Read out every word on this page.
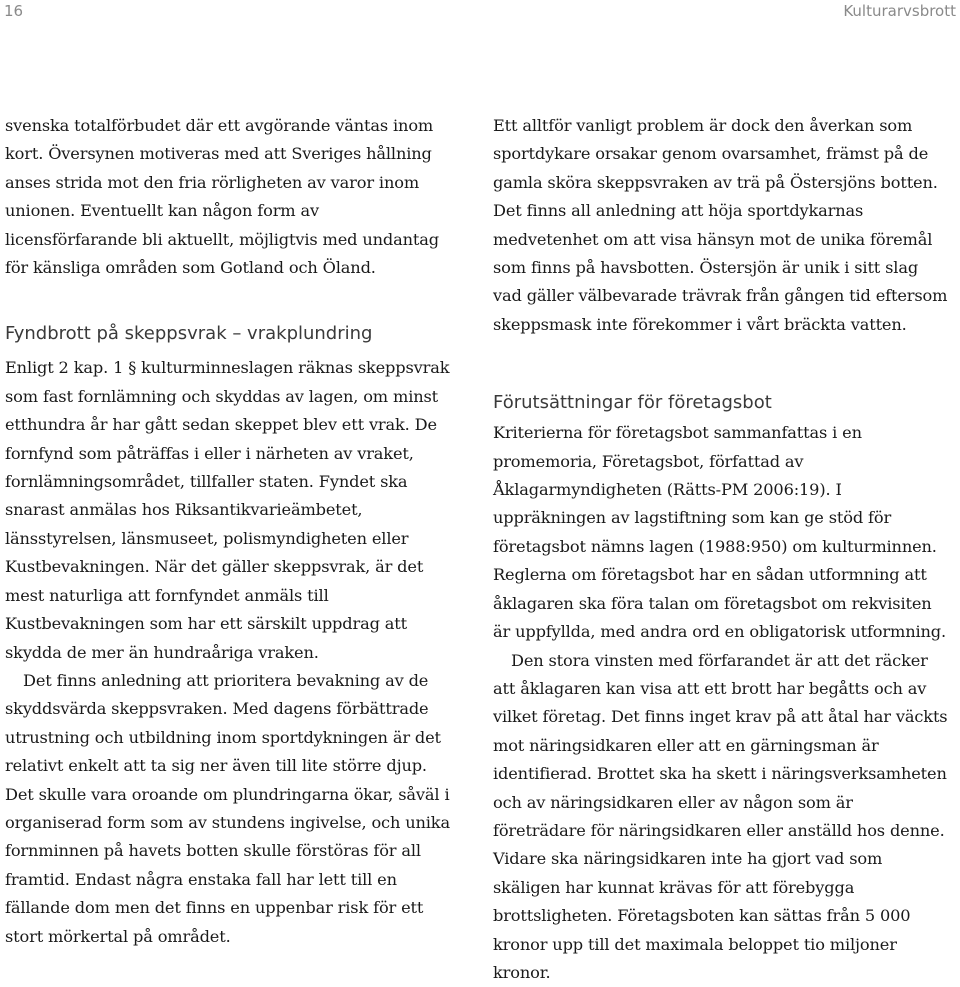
16	Kulturarvsbrott

svenska totalförbudet där ett avgörande väntas inom kort. Översynen motiveras med att Sveriges hållning anses strida mot den fria rörligheten av varor inom unionen. Eventuellt kan någon form av licensförfarande bli aktuellt, möjligtvis med undantag för känsliga områden som Gotland och Öland.

Fyndbrott på skeppsvrak – vrakplundring

Enligt 2 kap. 1 § kulturminneslagen räknas skeppsvrak som fast fornlämning och skyddas av lagen, om minst etthundra år har gått sedan skeppet blev ett vrak. De fornfynd som påträffas i eller i närheten av vraket, fornlämningsområdet, tillfaller staten. Fyndet ska snarast anmälas hos Riksantikvarieämbetet, länsstyrelsen, länsmuseet, polismyndigheten eller Kustbevakningen. När det gäller skeppsvrak, är det mest naturliga att fornfyndet anmäls till Kustbevakningen som har ett särskilt uppdrag att skydda de mer än hundraåriga vraken.

Det finns anledning att prioritera bevakning av de skyddsvärda skeppsvraken. Med dagens förbättrade utrustning och utbildning inom sportdykningen är det relativt enkelt att ta sig ner även till lite större djup. Det skulle vara oroande om plundringarna ökar, såväl i organiserad form som av stundens ingivelse, och unika fornminnen på havets botten skulle förstöras för all framtid. Endast några enstaka fall har lett till en fällande dom men det finns en uppenbar risk för ett stort mörkertal på området.

Ett alltför vanligt problem är dock den åverkan som sportdykare orsakar genom ovarsamhet, främst på de gamla sköra skeppsvraken av trä på Östersjöns botten. Det finns all anledning att höja sportdykarnas medvetenhet om att visa hänsyn mot de unika föremål som finns på havsbotten. Östersjön är unik i sitt slag vad gäller välbevarade trävrak från gången tid eftersom skeppsmask inte förekommer i vårt bräckta vatten.

Förutsättningar för företagsbot

Kriterierna för företagsbot sammanfattas i en promemoria, Företagsbot, författad av Åklagarmyndigheten (Rätts-PM 2006:19). I uppräkningen av lagstiftning som kan ge stöd för företagsbot nämns lagen (1988:950) om kulturminnen. Reglerna om företagsbot har en sådan utformning att åklagaren ska föra talan om företagsbot om rekvisiten är uppfyllda, med andra ord en obligatorisk utformning.

Den stora vinsten med förfarandet är att det räcker att åklagaren kan visa att ett brott har begåtts och av vilket företag. Det finns inget krav på att åtal har väckts mot näringsidkaren eller att en gärningsman är identifierad. Brottet ska ha skett i näringsverksamheten och av näringsidkaren eller av någon som är företrädare för näringsidkaren eller anställd hos denne. Vidare ska näringsidkaren inte ha gjort vad som skäligen har kunnat krävas för att förebygga brottsligheten. Företagsboten kan sättas från 5 000 kronor upp till det maximala beloppet tio miljoner kronor.
